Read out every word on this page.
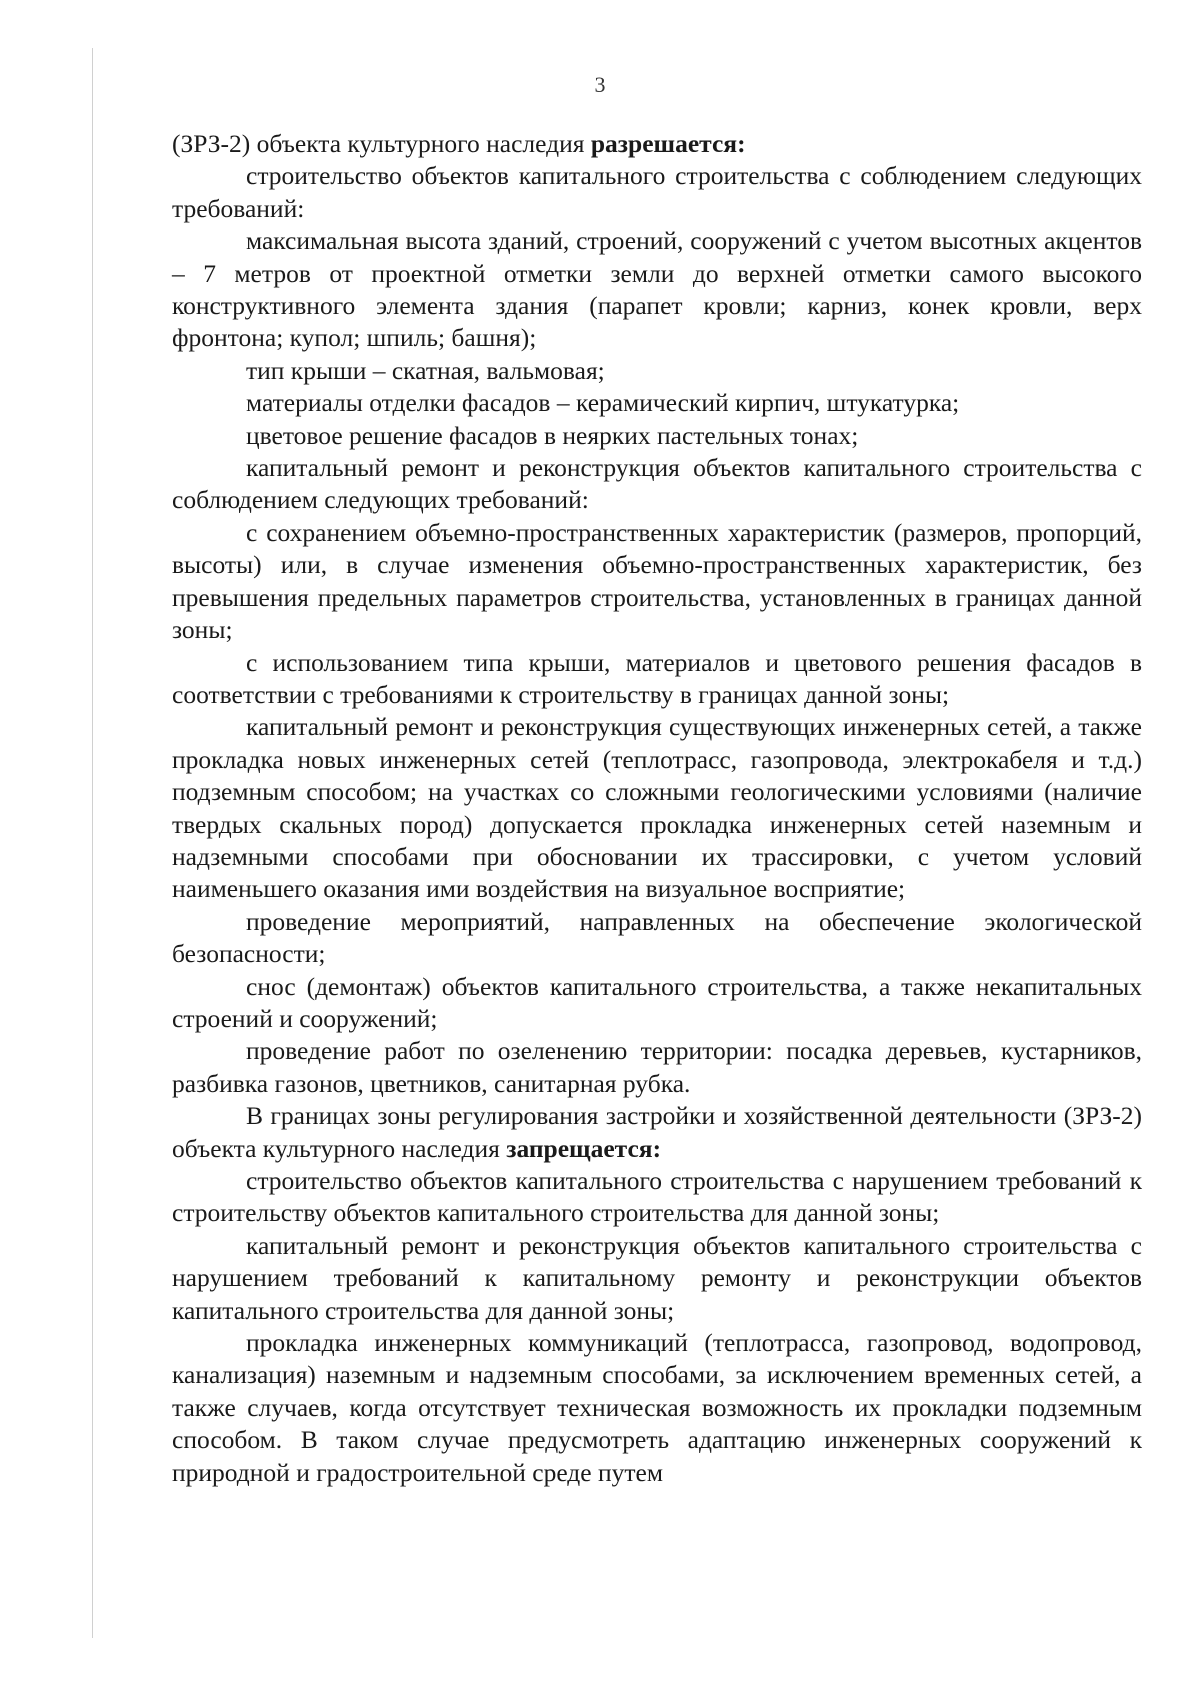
3

(ЗРЗ-2) объекта культурного наследия разрешается:

строительство объектов капитального строительства с соблюдением следующих требований:

максимальная высота зданий, строений, сооружений с учетом высотных акцентов – 7 метров от проектной отметки земли до верхней отметки самого высокого конструктивного элемента здания (парапет кровли; карниз, конек кровли, верх фронтона; купол; шпиль; башня);

тип крыши – скатная, вальмовая;

материалы отделки фасадов – керамический кирпич, штукатурка;

цветовое решение фасадов в неярких пастельных тонах;

капитальный ремонт и реконструкция объектов капитального строительства с соблюдением следующих требований:

с сохранением объемно-пространственных характеристик (размеров, пропорций, высоты) или, в случае изменения объемно-пространственных характеристик, без превышения предельных параметров строительства, установленных в границах данной зоны;

с использованием типа крыши, материалов и цветового решения фасадов в соответствии с требованиями к строительству в границах данной зоны;

капитальный ремонт и реконструкция существующих инженерных сетей, а также прокладка новых инженерных сетей (теплотрасс, газопровода, электрокабеля и т.д.) подземным способом; на участках со сложными геологическими условиями (наличие твердых скальных пород) допускается прокладка инженерных сетей наземным и надземными способами при обосновании их трассировки, с учетом условий наименьшего оказания ими воздействия на визуальное восприятие;

проведение мероприятий, направленных на обеспечение экологической безопасности;

снос (демонтаж) объектов капитального строительства, а также некапитальных строений и сооружений;

проведение работ по озеленению территории: посадка деревьев, кустарников, разбивка газонов, цветников, санитарная рубка.

В границах зоны регулирования застройки и хозяйственной деятельности (ЗРЗ-2) объекта культурного наследия запрещается:

строительство объектов капитального строительства с нарушением требований к строительству объектов капитального строительства для данной зоны;

капитальный ремонт и реконструкция объектов капитального строительства с нарушением требований к капитальному ремонту и реконструкции объектов капитального строительства для данной зоны;

прокладка инженерных коммуникаций (теплотрасса, газопровод, водопровод, канализация) наземным и надземным способами, за исключением временных сетей, а также случаев, когда отсутствует техническая возможность их прокладки подземным способом. В таком случае предусмотреть адаптацию инженерных сооружений к природной и градостроительной среде путем
